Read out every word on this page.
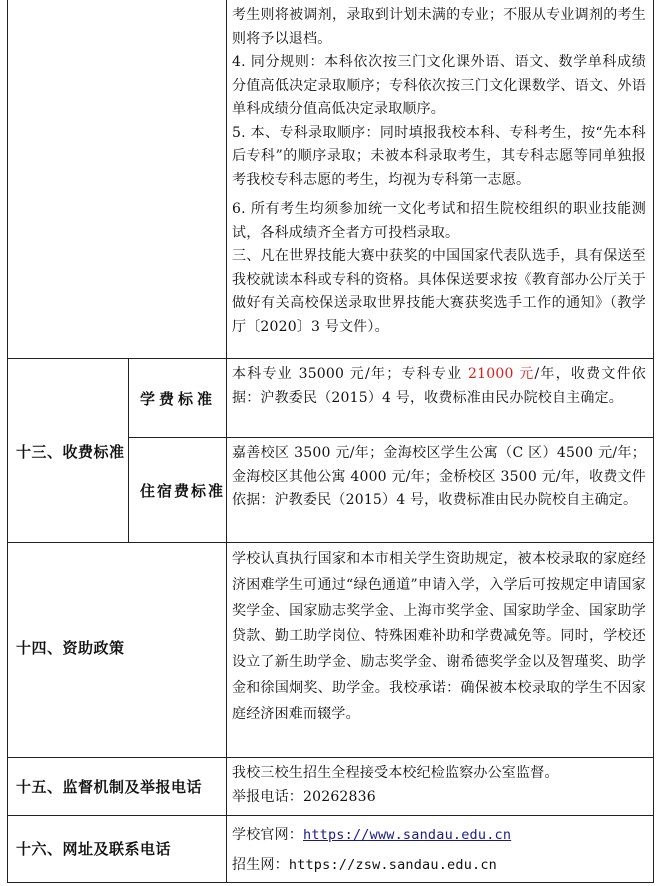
考生则将被调剂，录取到计划未满的专业；不服从专业调剂的考生则将予以退档。

4. 同分规则：本科依次按三门文化课外语、语文、数学单科成绩分值高低决定录取顺序；专科依次按三门文化课数学、语文、外语单科成绩分值高低决定录取顺序。

5. 本、专科录取顺序：同时填报我校本科、专科考生，按“先本科后专科”的顺序录取；未被本科录取考生，其专科志愿等同单独报考我校专科志愿的考生，均视为专科第一志愿。

6. 所有考生均须参加统一文化考试和招生院校组织的职业技能测试，各科成绩齐全者方可投档录取。

三、凡在世界技能大赛中获奖的中国国家代表队选手，具有保送至我校就读本科或专科的资格。具体保送要求按《教育部办公厅关于做好有关高校保送录取世界技能大赛获奖选手工作的通知》（教学厅〔2020〕3 号文件）。

十三、收费标准
学费标准
住宿费标准
本科专业 35000 元/年；专科专业 21000 元/年，收费文件依据：沪教委民（2015）4 号，收费标准由民办院校自主确定。
嘉善校区 3500 元/年；金海校区学生公寓（C 区）4500 元/年；金海校区其他公寓 4000 元/年；金桥校区 3500 元/年，收费文件依据：沪教委民（2015）4 号，收费标准由民办院校自主确定。
十四、资助政策
学校认真执行国家和本市相关学生资助规定，被本校录取的家庭经济困难学生可通过“绿色通道”申请入学，入学后可按规定申请国家奖学金、国家励志奖学金、上海市奖学金、国家助学金、国家助学贷款、勤工助学岗位、特殊困难补助和学费减免等。同时，学校还设立了新生助学金、励志奖学金、谢希德奖学金以及智瑾奖、助学金和徐国炯奖、助学金。我校承诺：确保被本校录取的学生不因家庭经济困难而辍学。
十五、监督机制及举报电话

我校三校生招生全程接受本校纪检监察办公室监督。

举报电话：20262836

十六、网址及联系电话

学校官网：https://www.sandau.edu.cn

招生网：https://zsw.sandau.edu.cn
